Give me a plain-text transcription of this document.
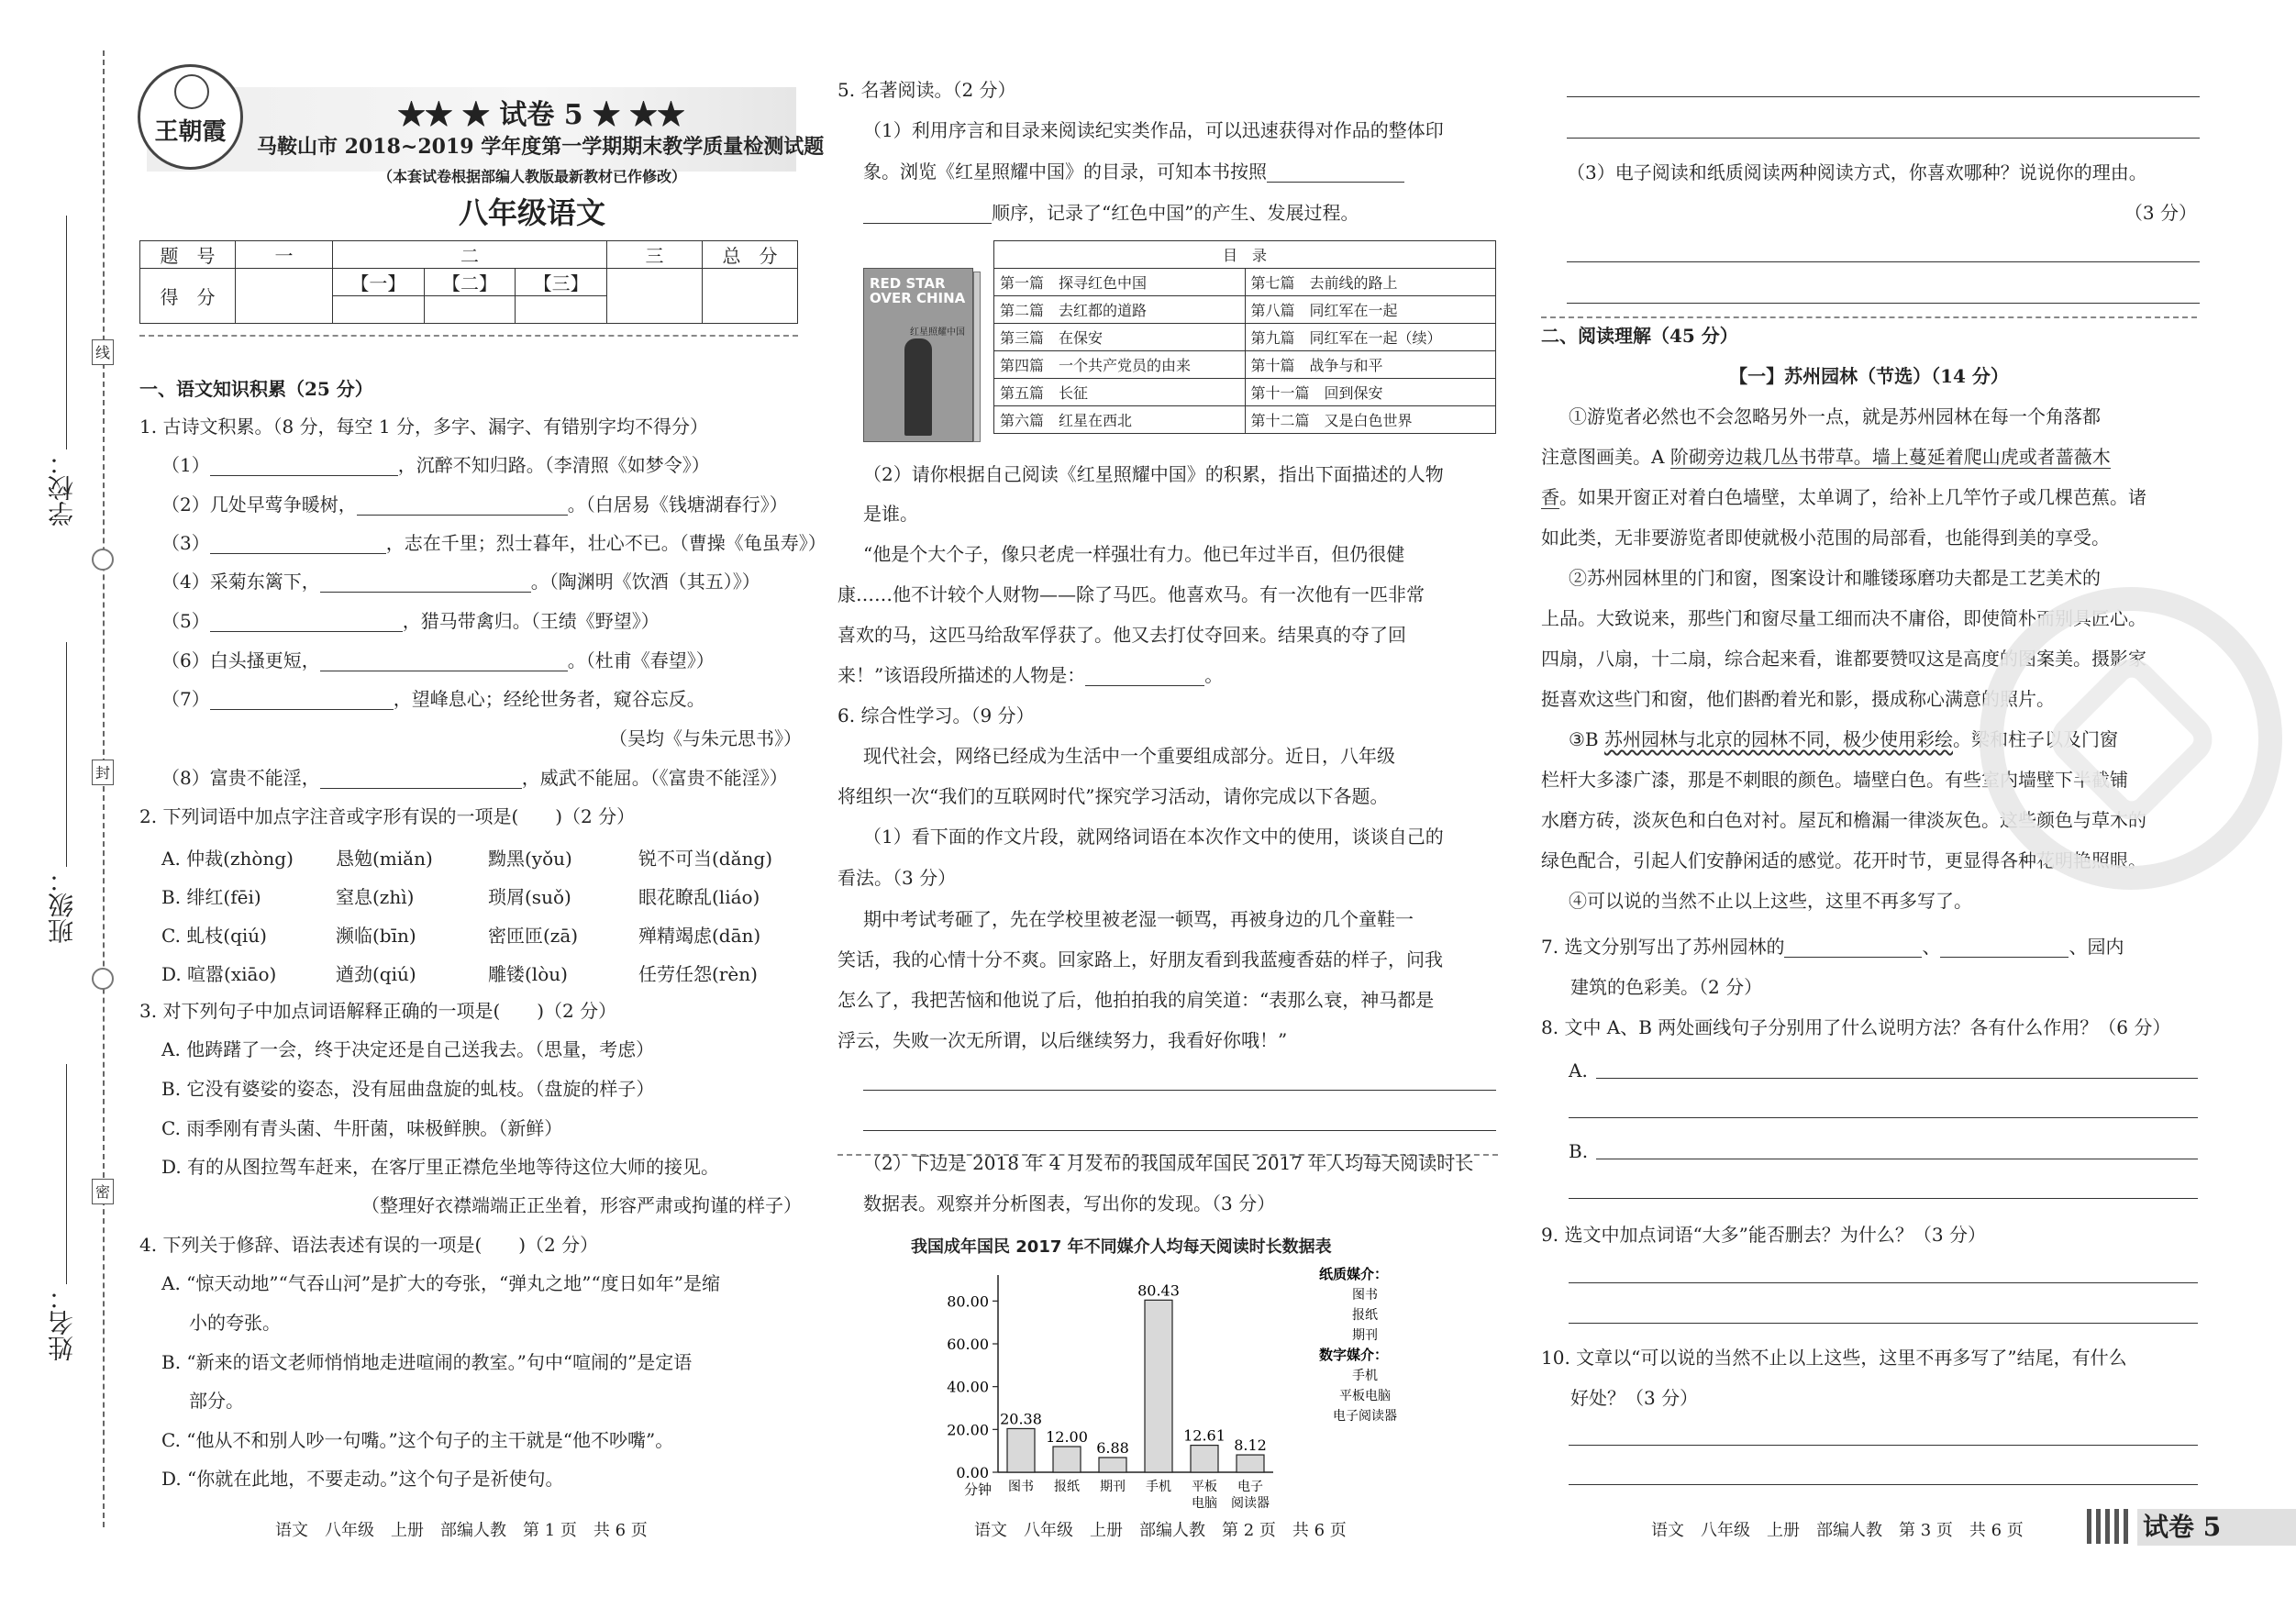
线
封
密
学校：
班级：
姓名：
王朝霞
★★ ★ 试卷 5 ★ ★★
马鞍山市 2018~2019 学年度第一学期期末教学质量检测试题
（本套试卷根据部编人教版最新教材已作修改）
八年级语文
题　号	一	二			三	总　分
得　分		【一】	【二】	【三】		

一、语文知识积累（25 分）
1. 古诗文积累。（8 分，每空 1 分，多字、漏字、有错别字均不得分）
（1）	，沉醉不知归路。（李清照《如梦令》）
（2）几处早莺争暖树，	。（白居易《钱塘湖春行》）
（3）	，志在千里；烈士暮年，壮心不已。（曹操《龟虽寿》）
（4）采菊东篱下，	。（陶渊明《饮酒（其五）》）
（5）	，猎马带禽归。（王绩《野望》）
（6）白头搔更短，	。（杜甫《春望》）
（7）	，望峰息心；经纶世务者，窥谷忘反。
（吴均《与朱元思书》）
（8）富贵不能淫，	，威武不能屈。（《富贵不能淫》）
2. 下列词语中加点字注音或字形有误的一项是(　　)（2 分）
A. 仲裁(zhòng) 恳勉(miǎn)	黝黑(yǒu)	锐不可当(dǎng)
B. 绯红(fēi)	窒息(zhì)	琐屑(suǒ)	眼花瞭乱(liáo)
C. 虬枝(qiú)	濒临(bīn)	密匝匝(zā)	殚精竭虑(dān)
D. 喧嚣(xiāo)	遒劲(qiú)	雕镂(lòu)	任劳任怨(rèn)
3. 对下列句子中加点词语解释正确的一项是(　　)（2 分）
A. 他踌躇了一会，终于决定还是自己送我去。（思量，考虑）
B. 它没有婆娑的姿态，没有屈曲盘旋的虬枝。（盘旋的样子）
C. 雨季刚有青头菌、牛肝菌，味极鲜腴。（新鲜）
D. 有的从图拉驾车赶来，在客厅里正襟危坐地等待这位大师的接见。
（整理好衣襟端端正正坐着，形容严肃或拘谨的样子）
4. 下列关于修辞、语法表述有误的一项是(　　)（2 分）
A. “惊天动地”“气吞山河”是扩大的夸张，“弹丸之地”“度日如年”是缩
小的夸张。
B. “新来的语文老师悄悄地走进喧闹的教室。”句中“喧闹的”是定语
部分。
C. “他从不和别人吵一句嘴。”这个句子的主干就是“他不吵嘴”。
D. “你就在此地，不要走动。”这个句子是祈使句。
5. 名著阅读。（2 分）
（1）利用序言和目录来阅读纪实类作品，可以迅速获得对作品的整体印
象。浏览《红星照耀中国》的目录，可知本书按照
顺序，记录了“红色中国”的产生、发展过程。
RED STAR OVER CHINA
红星照耀中国
目　录	
第一篇　探寻红色中国	第七篇　去前线的路上
第二篇　去红都的道路	第八篇　同红军在一起
第三篇　在保安	第九篇　同红军在一起（续）
第四篇　一个共产党员的由来	第十篇　战争与和平
第五篇　长征	第十一篇　回到保安
第六篇　红星在西北	第十二篇　又是白色世界
（2）请你根据自己阅读《红星照耀中国》的积累，指出下面描述的人物
是谁。
“他是个大个子，像只老虎一样强壮有力。他已年过半百，但仍很健
康……他不计较个人财物——除了马匹。他喜欢马。有一次他有一匹非常
喜欢的马，这匹马给敌军俘获了。他又去打仗夺回来。结果真的夺了回
来！”该语段所描述的人物是：	。
6. 综合性学习。（9 分）
现代社会，网络已经成为生活中一个重要组成部分。近日，八年级
将组织一次“我们的互联网时代”探究学习活动，请你完成以下各题。
（1）看下面的作文片段，就网络词语在本次作文中的使用，谈谈自己的
看法。（3 分）
期中考试考砸了，先在学校里被老湿一顿骂，再被身边的几个童鞋一
笑话，我的心情十分不爽。回家路上，好朋友看到我蓝瘦香菇的样子，问我
怎么了，我把苦恼和他说了后，他拍拍我的肩笑道：“表那么衰，神马都是
浮云，失败一次无所谓，以后继续努力，我看好你哦！”
（2）下边是 2018 年 4 月发布的我国成年国民 2017 年人均每天阅读时长
数据表。观察并分析图表，写出你的发现。（3 分）
我国成年国民 2017 年不同媒介人均每天阅读时长数据表
80.00
60.00
40.00
20.00
0.00
分钟
20.38
图书
12.00
报纸
6.88
期刊
80.43
手机
12.61
平板
电脑
8.12
电子
阅读器
纸质媒介：
图书
报纸
期刊
数字媒介：
手机
平板电脑
电子阅读器
（3）电子阅读和纸质阅读两种阅读方式，你喜欢哪种？说说你的理由。
（3 分）
二、阅读理解（45 分）
【一】苏州园林（节选）（14 分）
①游览者必然也不会忽略另外一点，就是苏州园林在每一个角落都
注意图画美。A 阶砌旁边栽几丛书带草。墙上蔓延着爬山虎或者蔷薇木
香。如果开窗正对着白色墙壁，太单调了，给补上几竿竹子或几棵芭蕉。诸
如此类，无非要游览者即使就极小范围的局部看，也能得到美的享受。
②苏州园林里的门和窗，图案设计和雕镂琢磨功夫都是工艺美术的
上品。大致说来，那些门和窗尽量工细而决不庸俗，即使简朴而别具匠心。
四扇，八扇，十二扇，综合起来看，谁都要赞叹这是高度的图案美。摄影家
挺喜欢这些门和窗，他们斟酌着光和影，摄成称心满意的照片。
③B 苏州园林与北京的园林不同，极少使用彩绘。梁和柱子以及门窗
栏杆大多漆广漆，那是不刺眼的颜色。墙壁白色。有些室内墙壁下半截铺
水磨方砖，淡灰色和白色对衬。屋瓦和檐漏一律淡灰色。这些颜色与草木的
绿色配合，引起人们安静闲适的感觉。花开时节，更显得各种花明艳照眼。
④可以说的当然不止以上这些，这里不再多写了。
7. 选文分别写出了苏州园林的	、	、园内
建筑的色彩美。（2 分）
8. 文中 A、B 两处画线句子分别用了什么说明方法？各有什么作用？（6 分）
A.
B.
9. 选文中加点词语“大多”能否删去？为什么？（3 分）
10. 文章以“可以说的当然不止以上这些，这里不再多写了”结尾，有什么
好处？（3 分）
语文　八年级　上册　部编人教　第 1 页　共 6 页	语文　八年级　上册　部编人教　第 2 页　共 6 页	语文　八年级　上册　部编人教　第 3 页　共 6 页	试卷 5
